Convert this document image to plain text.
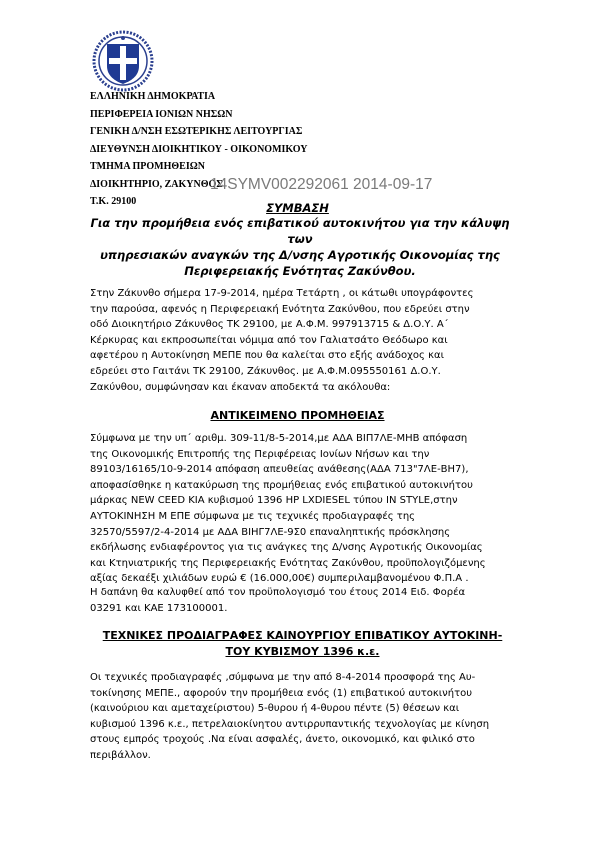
ΕΛΛΗΝΙΚΗ ΔΗΜΟΚΡΑΤΙΑ
ΠΕΡΙΦΕΡΕΙΑ ΙΟΝΙΩΝ ΝΗΣΩΝ
ΓΕΝΙΚΗ Δ/ΝΣΗ ΕΣΩΤΕΡΙΚΗΣ ΛΕΙΤΟΥΡΓΙΑΣ
ΔΙΕΥΘΥΝΣΗ ΔΙΟΙΚΗΤΙΚΟΥ - ΟΙΚΟΝΟΜΙΚΟΥ
ΤΜΗΜΑ ΠΡΟΜΗΘΕΙΩΝ
ΔΙΟΙΚΗΤΗΡΙΟ, ΖΑΚΥΝΘΟΣ
Τ.Κ. 29100
14SYMV002292061 2014-09-17
ΣΥΜΒΑΣΗ
Για την προμήθεια ενός επιβατικού αυτοκινήτου για την κάλυψη των
υπηρεσιακών αναγκών της Δ/νσης Αγροτικής Οικονομίας της
Περιφερειακής Ενότητας Ζακύνθου.
Στην Ζάκυνθο σήμερα 17-9-2014, ημέρα Τετάρτη , οι κάτωθι υπογράφοντες
την παρούσα, αφενός η Περιφερειακή Ενότητα Ζακύνθου, που εδρεύει στην
οδό Διοικητήριο Ζάκυνθος ΤΚ 29100, με Α.Φ.Μ. 997913715 & Δ.Ο.Υ. Α΄
Κέρκυρας και εκπροσωπείται νόμιμα από τον Γαλιατσάτο Θεόδωρο και
αφετέρου η Αυτοκίνηση ΜΕΠΕ που θα καλείται στο εξής ανάδοχος και
εδρεύει στο Γαιτάνι ΤΚ 29100, Ζάκυνθος. με Α.Φ.Μ.095550161 Δ.Ο.Υ.
Ζακύνθου, συμφώνησαν και έκαναν αποδεκτά τα ακόλουθα:
ΑΝΤΙΚΕΙΜΕΝΟ ΠΡΟΜΗΘΕΙΑΣ
Σύμφωνα με την υπ΄ αριθμ. 309-11/8-5-2014,με ΑΔΑ ΒΙΠ7ΛΕ-ΜΗΒ απόφαση
της Οικονομικής Επιτροπής της Περιφέρειας Ιονίων Νήσων και την
89103/16165/10-9-2014 απόφαση απευθείας ανάθεσης(ΑΔΑ 713"7ΛΕ-ΒΗ7),
αποφασίσθηκε η κατακύρωση της προμήθειας ενός επιβατικού αυτοκινήτου
μάρκας NEW CEED KIA κυβισμού 1396 HP LXDIESEL τύπου IN STYLE,στην
ΑΥΤΟΚΙΝΗΣΗ Μ ΕΠΕ σύμφωνα με τις τεχνικές προδιαγραφές της
32570/5597/2-4-2014 με ΑΔΑ ΒΙΗΓ7ΛΕ-9Σ0 επαναληπτικής πρόσκλησης
εκδήλωσης ενδιαφέροντος για τις ανάγκες της Δ/νσης Αγροτικής Οικονομίας
και Κτηνιατρικής της Περιφερειακής Ενότητας Ζακύνθου, προϋπολογιζόμενης
αξίας δεκαέξι χιλιάδων ευρώ € (16.000,00€) συμπεριλαμβανομένου Φ.Π.Α .
Η δαπάνη θα καλυφθεί από τον προϋπολογισμό του έτους 2014 Ειδ. Φορέα
03291 και ΚΑΕ 173100001.
ΤΕΧΝΙΚΕΣ ΠΡΟΔΙΑΓΡΑΦΕΣ ΚΑΙΝΟΥΡΓΙΟΥ ΕΠΙΒΑΤΙΚΟΥ ΑΥΤΟΚΙΝΗ-
ΤΟΥ ΚΥΒΙΣΜΟΥ 1396 κ.ε.
Οι τεχνικές προδιαγραφές ,σύμφωνα με την από 8-4-2014 προσφορά της Αυ-
τοκίνησης ΜΕΠΕ., αφορούν την προμήθεια ενός (1) επιβατικού αυτοκινήτου
(καινούριου και αμεταχείριστου) 5-θυρου ή 4-θυρου πέντε (5) θέσεων και
κυβισμού 1396 κ.ε., πετρελαιοκίνητου αντιρρυπαντικής τεχνολογίας με κίνηση
στους εμπρός τροχούς .Να είναι ασφαλές, άνετο, οικονομικό, και φιλικό στο
περιβάλλον.
